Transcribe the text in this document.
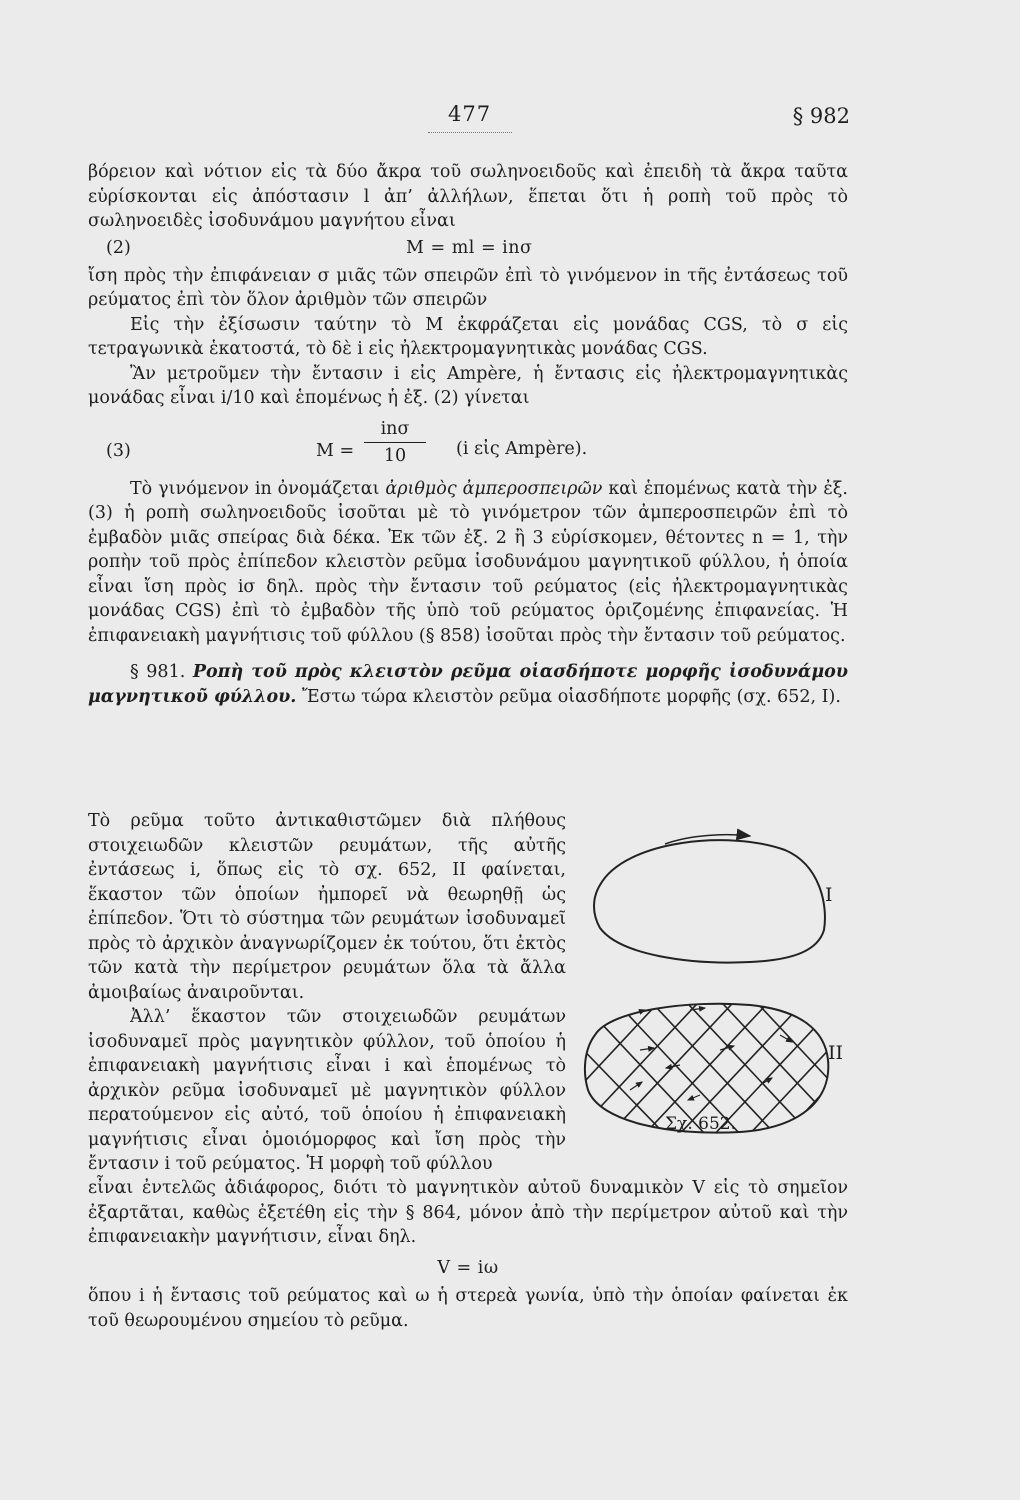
477	§ 982

βόρειον καὶ νότιον εἰς τὰ δύο ἄκρα τοῦ σωληνοειδοῦς καὶ ἐπειδὴ τὰ ἄκρα ταῦτα εὑρίσκονται εἰς ἀπόστασιν l ἀπ’ ἀλλήλων, ἕπεται ὅτι ἡ ροπὴ τοῦ πρὸς τὸ σωληνοειδὲς ἰσοδυνάμου μαγνήτου εἶναι

(2)	M = ml = inσ

ἴση πρὸς τὴν ἐπιφάνειαν σ μιᾶς τῶν σπειρῶν ἐπὶ τὸ γινόμενον in τῆς ἐντάσεως τοῦ ρεύματος ἐπὶ τὸν ὅλον ἀριθμὸν τῶν σπειρῶν

Εἰς τὴν ἐξίσωσιν ταύτην τὸ M ἐκφράζεται εἰς μονάδας CGS, τὸ σ εἰς τετραγωνικὰ ἑκατοστά, τὸ δὲ i εἰς ἠλεκτρομαγνητικὰς μονάδας CGS.

Ἂν μετροῦμεν τὴν ἔντασιν i εἰς Ampère, ἡ ἔντασις εἰς ἠλεκτρομαγνητικὰς μονάδας εἶναι i/10 καὶ ἑπομένως ἡ ἐξ. (2) γίνεται

(3)	M =
inσ
10	(i εἰς Ampère).

Τὸ γινόμενον in ὀνομάζεται ἀριθμὸς ἀμπεροσπειρῶν καὶ ἑπομένως κατὰ τὴν ἐξ. (3) ἡ ροπὴ σωληνοειδοῦς ἰσοῦται μὲ τὸ γινόμετρον τῶν ἀμπεροσπειρῶν ἐπὶ τὸ ἐμβαδὸν μιᾶς σπείρας διὰ δέκα. Ἐκ τῶν ἐξ. 2 ἢ 3 εὑρίσκομεν, θέτοντες n = 1, τὴν ροπὴν τοῦ πρὸς ἐπίπεδον κλειστὸν ρεῦμα ἰσοδυνάμου μαγνητικοῦ φύλλου, ἡ ὁποία εἶναι ἴση πρὸς iσ δηλ. πρὸς τὴν ἔντασιν τοῦ ρεύματος (εἰς ἠλεκτρομαγνητικὰς μονάδας CGS) ἐπὶ τὸ ἐμβαδὸν τῆς ὑπὸ τοῦ ρεύματος ὁριζομένης ἐπιφανείας. Ἡ ἐπιφανειακὴ μαγνήτισις τοῦ φύλλου (§ 858) ἰσοῦται πρὸς τὴν ἔντασιν τοῦ ρεύματος.

§ 981. Ροπὴ τοῦ πρὸς κλειστὸν ρεῦμα οἱασδήποτε μορφῆς ἰσοδυνάμου μαγνητικοῦ φύλλου. Ἔστω τώρα κλειστὸν ρεῦμα οἱασδήποτε μορφῆς (σχ. 652, I).

Τὸ ρεῦμα τοῦτο ἀντικαθιστῶμεν διὰ πλήθους στοιχειωδῶν κλειστῶν ρευμάτων, τῆς αὐτῆς ἐντάσεως i, ὅπως εἰς τὸ σχ. 652, II φαίνεται, ἕκαστον τῶν ὁποίων ἠμπορεῖ νὰ θεωρηθῇ ὡς ἐπίπεδον. Ὅτι τὸ σύστημα τῶν ρευμάτων ἰσοδυναμεῖ πρὸς τὸ ἀρχικὸν ἀναγνωρίζομεν ἐκ τούτου, ὅτι ἐκτὸς τῶν κατὰ τὴν περίμετρον ρευμάτων ὅλα τὰ ἄλλα ἀμοιβαίως ἀναιροῦνται.

Ἀλλ’ ἕκαστον τῶν στοιχειωδῶν ρευμάτων ἰσοδυναμεῖ πρὸς μαγνητικὸν φύλλον, τοῦ ὁποίου ἡ ἐπιφανειακὴ μαγνήτισις εἶναι i καὶ ἑπομένως τὸ ἀρχικὸν ρεῦμα ἰσοδυναμεῖ μὲ μαγνητικὸν φύλλον περατούμενον εἰς αὐτό, τοῦ ὁποίου ἡ ἐπιφανειακὴ μαγνήτισις εἶναι ὁμοιόμορφος καὶ ἴση πρὸς τὴν ἔντασιν i τοῦ ρεύματος. Ἡ μορφὴ τοῦ φύλλου

εἶναι ἐντελῶς ἀδιάφορος, διότι τὸ μαγνητικὸν αὐτοῦ δυναμικὸν V εἰς τὸ σημεῖον ἐξαρτᾶται, καθὼς ἐξετέθη εἰς τὴν § 864, μόνον ἀπὸ τὴν περίμετρον αὐτοῦ καὶ τὴν ἐπιφανειακὴν μαγνήτισιν, εἶναι δηλ.

V = iω

ὅπου i ἡ ἔντασις τοῦ ρεύματος καὶ ω ἡ στερεὰ γωνία, ὑπὸ τὴν ὁποίαν φαίνεται ἐκ τοῦ θεωρουμένου σημείου τὸ ρεῦμα.

I
II
Σχ. 652.
